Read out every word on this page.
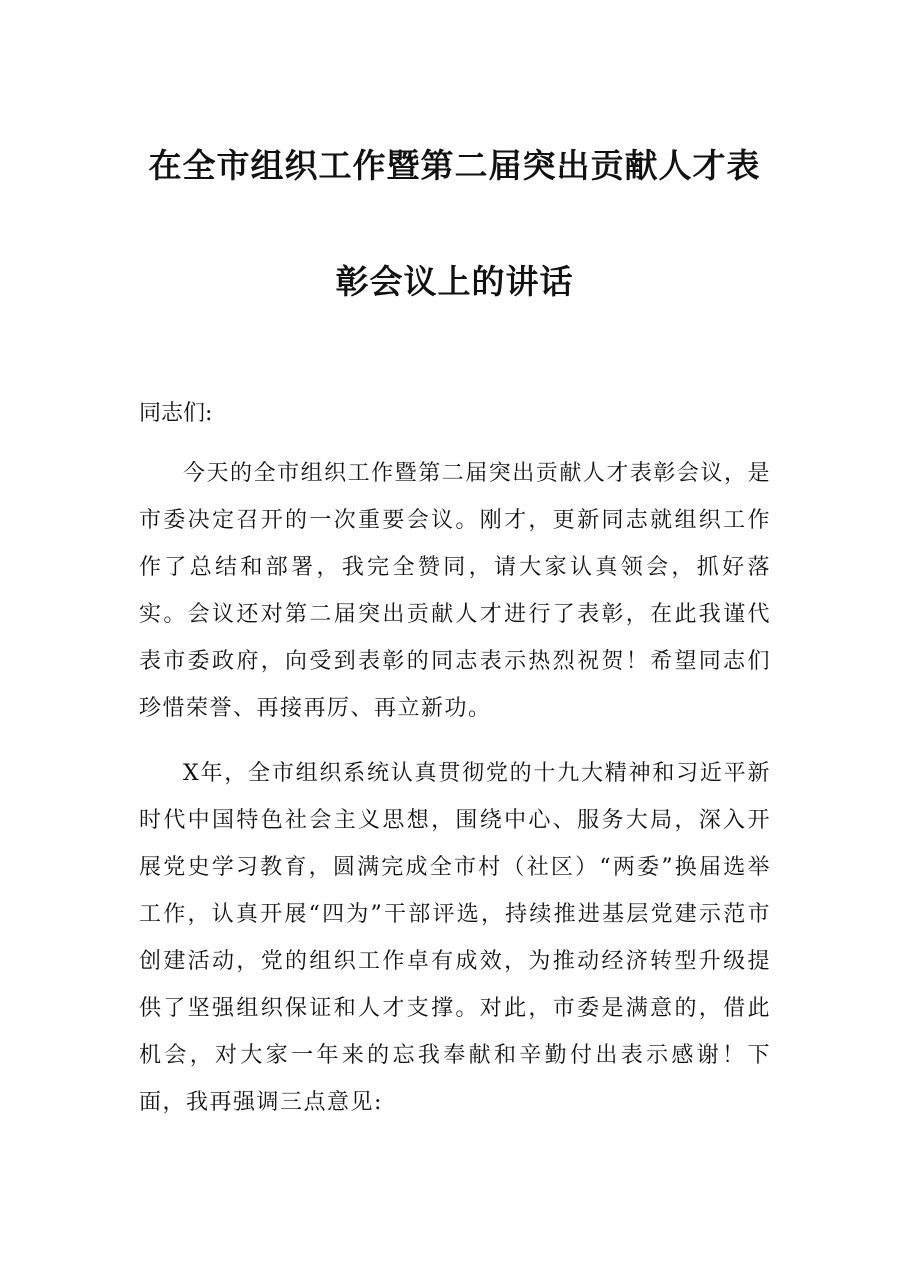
在全市组织工作暨第二届突出贡献人才表
彰会议上的讲话
同志们:

今天的全市组织工作暨第二届突出贡献人才表彰会议，是市委决定召开的一次重要会议。刚才，更新同志就组织工作作了总结和部署，我完全赞同，请大家认真领会，抓好落实。会议还对第二届突出贡献人才进行了表彰，在此我谨代表市委政府，向受到表彰的同志表示热烈祝贺！希望同志们珍惜荣誉、再接再厉、再立新功。

X年，全市组织系统认真贯彻党的十九大精神和习近平新时代中国特色社会主义思想，围绕中心、服务大局，深入开展党史学习教育，圆满完成全市村（社区）“两委”换届选举工作，认真开展“四为”干部评选，持续推进基层党建示范市创建活动，党的组织工作卓有成效，为推动经济转型升级提供了坚强组织保证和人才支撑。对此，市委是满意的，借此机会，对大家一年来的忘我奉献和辛勤付出表示感谢！下面，我再强调三点意见:
